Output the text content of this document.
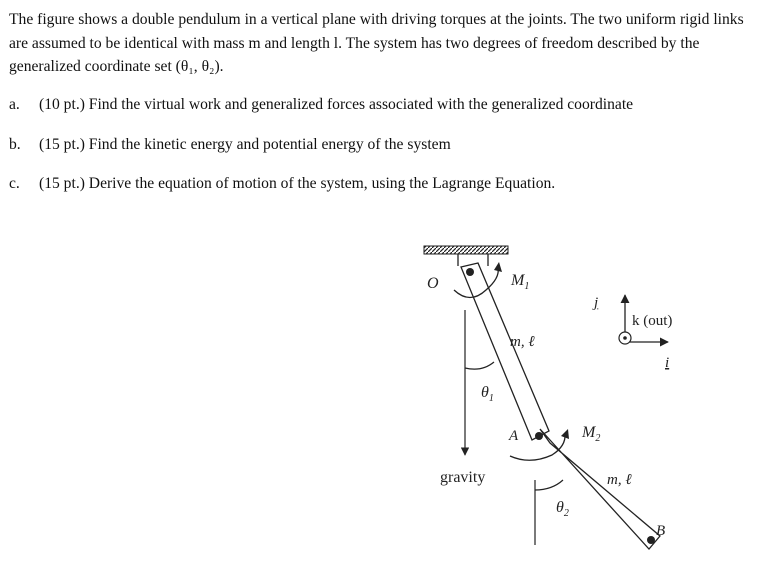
The figure shows a double pendulum in a vertical plane with driving torques at the joints. The two uniform rigid links are assumed to be identical with mass m and length l. The system has two degrees of freedom described by the generalized coordinate set (θ₁, θ₂).

a. (10 pt.) Find the virtual work and generalized forces associated with the generalized coordinate
b. (15 pt.) Find the kinetic energy and potential energy of the system
c. (15 pt.) Derive the equation of motion of the system, using the Lagrange Equation.
O
A
B
$M_1$
$M_2$
m, ℓ
m, ℓ
$\theta_1$
$\theta_2$
gravity
j
i
k (out)
